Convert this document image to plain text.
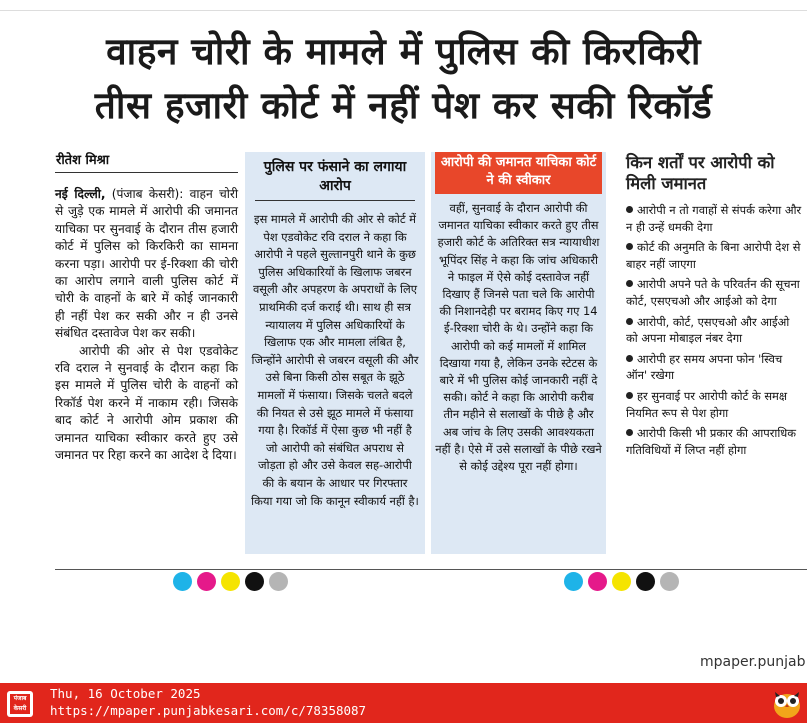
वाहन चोरी के मामले में पुलिस की किरकिरी
तीस हजारी कोर्ट में नहीं पेश कर सकी रिकॉर्ड
रीतेश मिश्रा

नई दिल्ली, (पंजाब केसरी): वाहन चोरी से जुड़े एक मामले में आरोपी की जमानत याचिका पर सुनवाई के दौरान तीस हजारी कोर्ट में पुलिस को किरकिरी का सामना करना पड़ा। आरोपी पर ई-रिक्शा की चोरी का आरोप लगाने वाली पुलिस कोर्ट में चोरी के वाहनों के बारे में कोई जानकारी ही नहीं पेश कर सकी और न ही उनसे संबंधित दस्तावेज पेश कर सकी।

आरोपी की ओर से पेश एडवोकेट रवि दराल ने सुनवाई के दौरान कहा कि इस मामले में पुलिस चोरी के वाहनों को रिकॉर्ड पेश करने में नाकाम रही। जिसके बाद कोर्ट ने आरोपी ओम प्रकाश की जमानत याचिका स्वीकार करते हुए उसे जमानत पर रिहा करने का आदेश दे दिया।

पुलिस पर फंसाने का लगाया आरोप
इस मामले में आरोपी की ओर से कोर्ट में पेश एडवोकेट रवि दराल ने कहा कि आरोपी ने पहले सुल्तानपुरी थाने के कुछ पुलिस अधिकारियों के खिलाफ जबरन वसूली और अपहरण के अपराधों के लिए प्राथमिकी दर्ज कराई थी। साथ ही सत्र न्यायालय में पुलिस अधिकारियों के खिलाफ एक और मामला लंबित है, जिन्होंने आरोपी से जबरन वसूली की और उसे बिना किसी ठोस सबूत के झूठे मामलों में फंसाया। जिसके चलते बदले की नियत से उसे झूठ मामले में फंसाया गया है। रिकॉर्ड में ऐसा कुछ भी नहीं है जो आरोपी को संबंधित अपराध से जोड़ता हो और उसे केवल सह-आरोपी की के बयान के आधार पर गिरफ्तार किया गया जो कि कानून स्वीकार्य नहीं है।
आरोपी की जमानत याचिका कोर्ट ने की स्वीकार
वहीं, सुनवाई के दौरान आरोपी की जमानत याचिका स्वीकार करते हुए तीस हजारी कोर्ट के अतिरिक्त सत्र न्यायाधीश भूपिंदर सिंह ने कहा कि जांच अधिकारी ने फाइल में ऐसे कोई दस्तावेज नहीं दिखाए हैं जिनसे पता चले कि आरोपी की निशानदेही पर बरामद किए गए 14 ई-रिक्शा चोरी के थे। उन्होंने कहा कि आरोपी को कई मामलों में शामिल दिखाया गया है, लेकिन उनके स्टेटस के बारे में भी पुलिस कोई जानकारी नहीं दे सकी। कोर्ट ने कहा कि आरोपी करीब तीन महीने से सलाखों के पीछे है और अब जांच के लिए उसकी आवश्यकता नहीं है। ऐसे में उसे सलाखों के पीछे रखने से कोई उद्देश्य पूरा नहीं होगा।
किन शर्तों पर आरोपी को मिली जमानत
आरोपी न तो गवाहों से संपर्क करेगा और न ही उन्हें धमकी देगा
कोर्ट की अनुमति के बिना आरोपी देश से बाहर नहीं जाएगा
आरोपी अपने पते के परिवर्तन की सूचना कोर्ट, एसएचओ और आईओ को देगा
आरोपी, कोर्ट, एसएचओ और आईओ को अपना मोबाइल नंबर देगा
आरोपी हर समय अपना फोन 'स्विच ऑन' रखेगा
हर सुनवाई पर आरोपी कोर्ट के समक्ष नियमित रूप से पेश होगा
आरोपी किसी भी प्रकार की आपराधिक गतिविधियों में लिप्त नहीं होगा
mpaper.punjab
पंजाब केसरी
Thu, 16 October 2025
https://mpaper.punjabkesari.com/c/78358087
